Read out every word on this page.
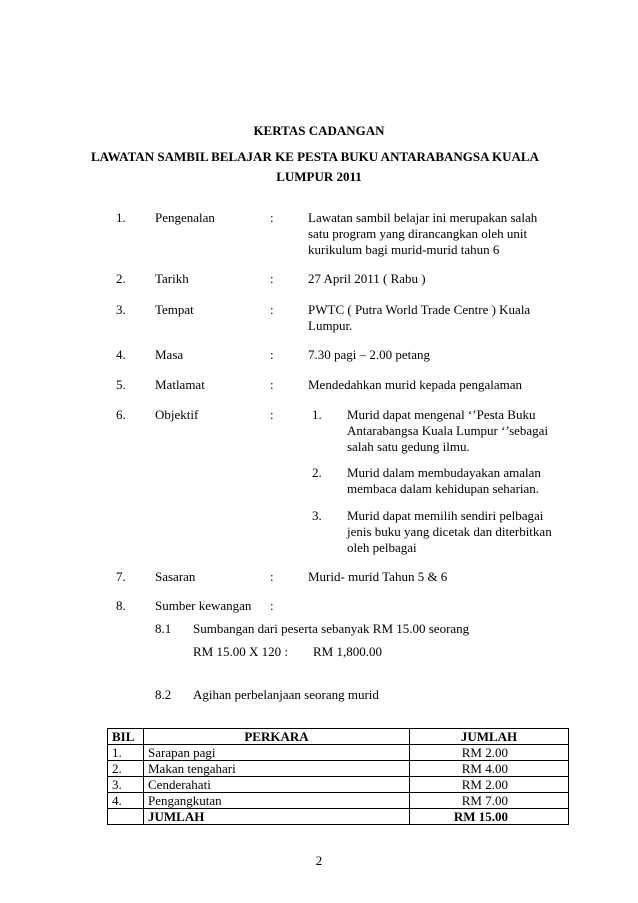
KERTAS CADANGAN
LAWATAN SAMBIL BELAJAR KE PESTA BUKU ANTARABANGSA KUALA
LUMPUR 2011
1. Pengenalan	:	Lawatan sambil belajar ini merupakan salah
satu program yang dirancangkan oleh unit
kurikulum bagi murid-murid tahun 6
2. Tarikh	:	27 April 2011 ( Rabu )
3. Tempat	:	PWTC ( Putra World Trade Centre ) Kuala
Lumpur.
4. Masa	:	7.30 pagi – 2.00 petang
5. Matlamat	:	Mendedahkan murid kepada pengalaman
6. Objektif	:	1. Murid dapat mengenal ‘’Pesta Buku
Antarabangsa Kuala Lumpur ‘’sebagai
salah satu gedung ilmu.
2. Murid dalam membudayakan amalan
membaca dalam kehidupan seharian.
3. Murid dapat memilih sendiri pelbagai
jenis buku yang dicetak dan diterbitkan
oleh pelbagai
7. Sasaran	:	Murid- murid Tahun 5 & 6
8. Sumber kewangan :
8.1 Sumbangan dari peserta sebanyak RM 15.00 seorang
RM 15.00 X 120 : RM 1,800.00
8.2 Agihan perbelanjaan seorang murid
BIL	PERKARA	JUMLAH
1.	Sarapan pagi	RM 2.00
2.	Makan tengahari	RM 4.00
3.	Cenderahati	RM 2.00
4.	Pengangkutan	RM 7.00
	JUMLAH	RM 15.00
2
